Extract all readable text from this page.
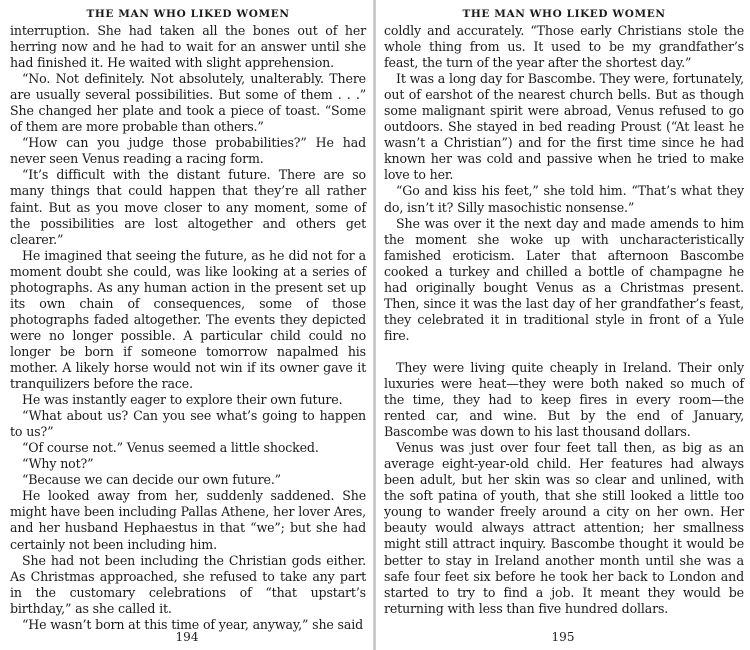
THE MAN WHO LIKED WOMEN

interruption. She had taken all the bones out of her herring now and he had to wait for an answer until she had finished it. He waited with slight apprehension.

“No. Not definitely. Not absolutely, unalterably. There are usually several possibilities. But some of them . . .” She changed her plate and took a piece of toast. “Some of them are more probable than others.”

“How can you judge those probabilities?” He had never seen Venus reading a racing form.

“It’s difficult with the distant future. There are so many things that could happen that they’re all rather faint. But as you move closer to any moment, some of the possibilities are lost altogether and others get clearer.”

He imagined that seeing the future, as he did not for a moment doubt she could, was like looking at a series of photographs. As any human action in the present set up its own chain of consequences, some of those photographs faded altogether. The events they depicted were no longer possible. A particular child could no longer be born if someone tomorrow napalmed his mother. A likely horse would not win if its owner gave it tranquilizers before the race.

He was instantly eager to explore their own future.

“What about us? Can you see what’s going to happen to us?”

“Of course not.” Venus seemed a little shocked.

“Why not?”

“Because we can decide our own future.”

He looked away from her, suddenly saddened. She might have been including Pallas Athene, her lover Ares, and her husband Hephaestus in that “we”; but she had certainly not been including him.

She had not been including the Christian gods either. As Christmas approached, she refused to take any part in the customary celebrations of “that upstart’s birthday,” as she called it.

“He wasn’t born at this time of year, anyway,” she said

194
THE MAN WHO LIKED WOMEN

coldly and accurately. “Those early Christians stole the whole thing from us. It used to be my grandfather’s feast, the turn of the year after the shortest day.”

It was a long day for Bascombe. They were, fortunately, out of earshot of the nearest church bells. But as though some malignant spirit were abroad, Venus refused to go outdoors. She stayed in bed reading Proust (“At least he wasn’t a Christian”) and for the first time since he had known her was cold and passive when he tried to make love to her.

“Go and kiss his feet,” she told him. “That’s what they do, isn’t it? Silly masochistic nonsense.”

She was over it the next day and made amends to him the moment she woke up with uncharacteristically famished eroticism. Later that afternoon Bascombe cooked a turkey and chilled a bottle of champagne he had originally bought Venus as a Christmas present. Then, since it was the last day of her grandfather’s feast, they celebrated it in traditional style in front of a Yule fire.

They were living quite cheaply in Ireland. Their only luxuries were heat—they were both naked so much of the time, they had to keep fires in every room—the rented car, and wine. But by the end of January, Bascombe was down to his last thousand dollars.

Venus was just over four feet tall then, as big as an average eight-year-old child. Her features had always been adult, but her skin was so clear and unlined, with the soft patina of youth, that she still looked a little too young to wander freely around a city on her own. Her beauty would always attract attention; her smallness might still attract inquiry. Bascombe thought it would be better to stay in Ireland another month until she was a safe four feet six before he took her back to London and started to try to find a job. It meant they would be returning with less than five hundred dollars.

195
